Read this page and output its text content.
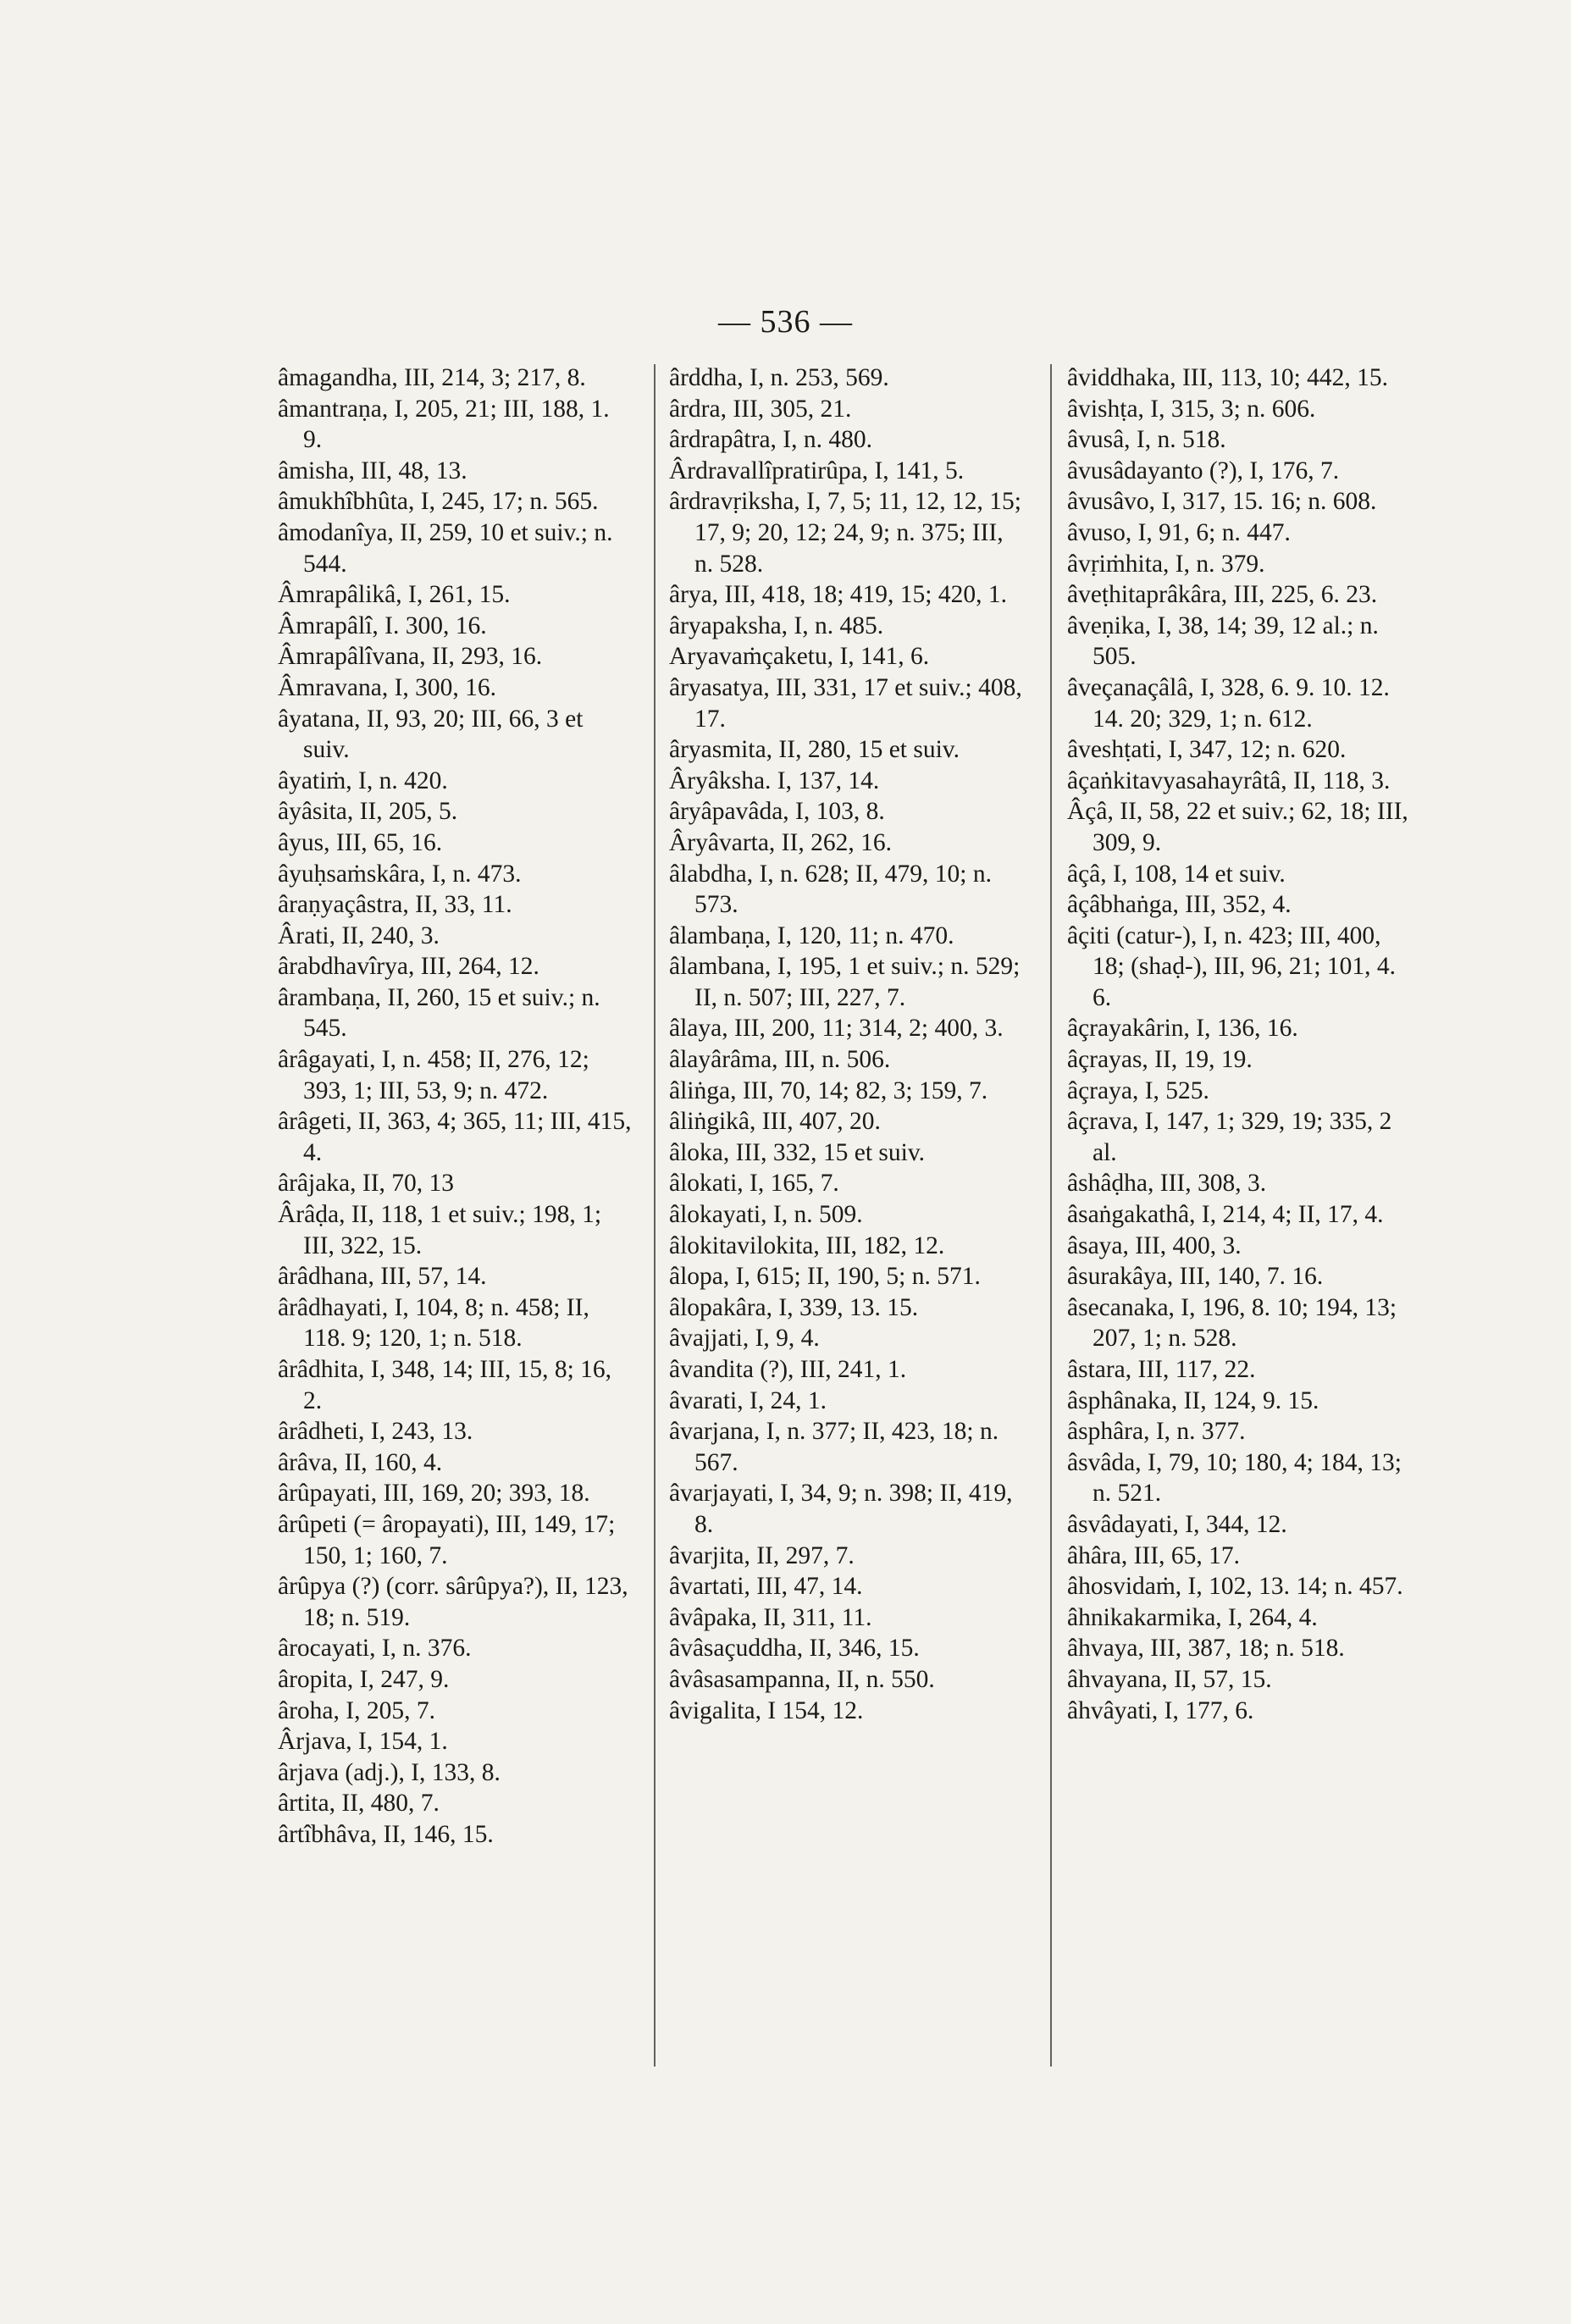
— 536 —

âmagandha, III, 214, 3; 217, 8.

âmantraṇa, I, 205, 21; III, 188, 1. 9.

âmisha, III, 48, 13.

âmukhîbhûta, I, 245, 17; n. 565.

âmodanîya, II, 259, 10 et suiv.; n. 544.

Âmrapâlikâ, I, 261, 15.

Âmrapâlî, I. 300, 16.

Âmrapâlîvana, II, 293, 16.

Âmravana, I, 300, 16.

âyatana, II, 93, 20; III, 66, 3 et suiv.

âyatiṁ, I, n. 420.

âyâsita, II, 205, 5.

âyus, III, 65, 16.

âyuḥsaṁskâra, I, n. 473.

âraṇyaçâstra, II, 33, 11.

Ârati, II, 240, 3.

ârabdhavîrya, III, 264, 12.

ârambaṇa, II, 260, 15 et suiv.; n. 545.

ârâgayati, I, n. 458; II, 276, 12; 393, 1; III, 53, 9; n. 472.

ârâgeti, II, 363, 4; 365, 11; III, 415, 4.

ârâjaka, II, 70, 13

Ârâḍa, II, 118, 1 et suiv.; 198, 1; III, 322, 15.

ârâdhana, III, 57, 14.

ârâdhayati, I, 104, 8; n. 458; II, 118. 9; 120, 1; n. 518.

ârâdhita, I, 348, 14; III, 15, 8; 16, 2.

ârâdheti, I, 243, 13.

ârâva, II, 160, 4.

ârûpayati, III, 169, 20; 393, 18.

ârûpeti (= âropayati), III, 149, 17; 150, 1; 160, 7.

ârûpya (?) (corr. sârûpya?), II, 123, 18; n. 519.

ârocayati, I, n. 376.

âropita, I, 247, 9.

âroha, I, 205, 7.

Ârjava, I, 154, 1.

ârjava (adj.), I, 133, 8.

ârtita, II, 480, 7.

ârtîbhâva, II, 146, 15.

ârddha, I, n. 253, 569.

ârdra, III, 305, 21.

ârdrapâtra, I, n. 480.

Ârdravallîpratirûpa, I, 141, 5.

ârdravṛiksha, I, 7, 5; 11, 12, 12, 15; 17, 9; 20, 12; 24, 9; n. 375; III, n. 528.

ârya, III, 418, 18; 419, 15; 420, 1.

âryapaksha, I, n. 485.

Aryavaṁçaketu, I, 141, 6.

âryasatya, III, 331, 17 et suiv.; 408, 17.

âryasmita, II, 280, 15 et suiv.

Âryâksha. I, 137, 14.

âryâpavâda, I, 103, 8.

Âryâvarta, II, 262, 16.

âlabdha, I, n. 628; II, 479, 10; n. 573.

âlambaṇa, I, 120, 11; n. 470.

âlambana, I, 195, 1 et suiv.; n. 529; II, n. 507; III, 227, 7.

âlaya, III, 200, 11; 314, 2; 400, 3.

âlayârâma, III, n. 506.

âliṅga, III, 70, 14; 82, 3; 159, 7.

âliṅgikâ, III, 407, 20.

âloka, III, 332, 15 et suiv.

âlokati, I, 165, 7.

âlokayati, I, n. 509.

âlokitavilokita, III, 182, 12.

âlopa, I, 615; II, 190, 5; n. 571.

âlopakâra, I, 339, 13. 15.

âvajjati, I, 9, 4.

âvandita (?), III, 241, 1.

âvarati, I, 24, 1.

âvarjana, I, n. 377; II, 423, 18; n. 567.

âvarjayati, I, 34, 9; n. 398; II, 419, 8.

âvarjita, II, 297, 7.

âvartati, III, 47, 14.

âvâpaka, II, 311, 11.

âvâsaçuddha, II, 346, 15.

âvâsasampanna, II, n. 550.

âvigalita, I 154, 12.

âviddhaka, III, 113, 10; 442, 15.

âvishṭa, I, 315, 3; n. 606.

âvusâ, I, n. 518.

âvusâdayanto (?), I, 176, 7.

âvusâvo, I, 317, 15. 16; n. 608.

âvuso, I, 91, 6; n. 447.

âvṛiṁhita, I, n. 379.

âveṭhitaprâkâra, III, 225, 6. 23.

âveṇika, I, 38, 14; 39, 12 al.; n. 505.

âveçanaçâlâ, I, 328, 6. 9. 10. 12. 14. 20; 329, 1; n. 612.

âveshṭati, I, 347, 12; n. 620.

âçaṅkitavyasahayrâtâ, II, 118, 3.

Âçâ, II, 58, 22 et suiv.; 62, 18; III, 309, 9.

âçâ, I, 108, 14 et suiv.

âçâbhaṅga, III, 352, 4.

âçiti (catur-), I, n. 423; III, 400, 18; (shaḍ-), III, 96, 21; 101, 4. 6.

âçrayakârin, I, 136, 16.

âçrayas, II, 19, 19.

âçraya, I, 525.

âçrava, I, 147, 1; 329, 19; 335, 2 al.

âshâḍha, III, 308, 3.

âsaṅgakathâ, I, 214, 4; II, 17, 4.

âsaya, III, 400, 3.

âsurakâya, III, 140, 7. 16.

âsecanaka, I, 196, 8. 10; 194, 13; 207, 1; n. 528.

âstara, III, 117, 22.

âsphânaka, II, 124, 9. 15.

âsphâra, I, n. 377.

âsvâda, I, 79, 10; 180, 4; 184, 13; n. 521.

âsvâdayati, I, 344, 12.

âhâra, III, 65, 17.

âhosvidaṁ, I, 102, 13. 14; n. 457.

âhnikakarmika, I, 264, 4.

âhvaya, III, 387, 18; n. 518.

âhvayana, II, 57, 15.

âhvâyati, I, 177, 6.
